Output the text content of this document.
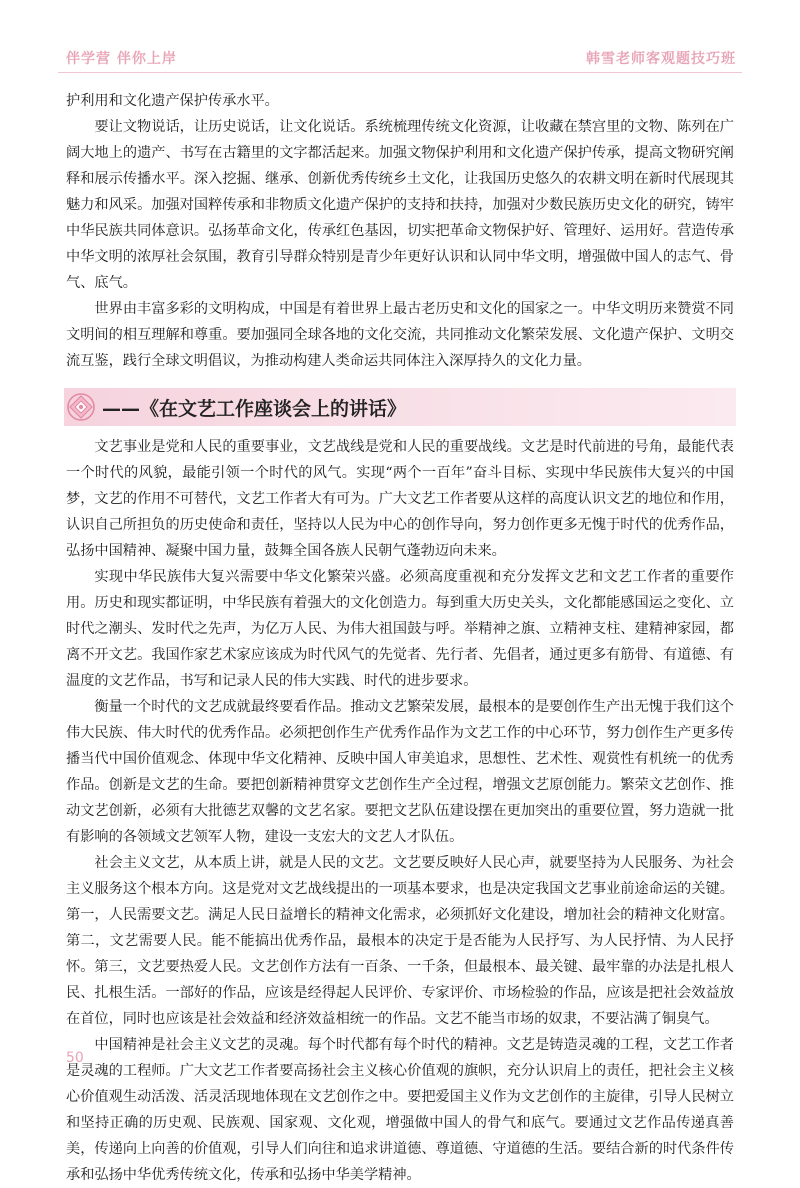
伴学营 伴你上岸	韩雪老师客观题技巧班

护利用和文化遗产保护传承水平。

要让文物说话，让历史说话，让文化说话。系统梳理传统文化资源，让收藏在禁宫里的文物、陈列在广阔大地上的遗产、书写在古籍里的文字都活起来。加强文物保护利用和文化遗产保护传承，提高文物研究阐释和展示传播水平。深入挖掘、继承、创新优秀传统乡土文化，让我国历史悠久的农耕文明在新时代展现其魅力和风采。加强对国粹传承和非物质文化遗产保护的支持和扶持，加强对少数民族历史文化的研究，铸牢中华民族共同体意识。弘扬革命文化，传承红色基因，切实把革命文物保护好、管理好、运用好。营造传承中华文明的浓厚社会氛围，教育引导群众特别是青少年更好认识和认同中华文明，增强做中国人的志气、骨气、底气。

世界由丰富多彩的文明构成，中国是有着世界上最古老历史和文化的国家之一。中华文明历来赞赏不同文明间的相互理解和尊重。要加强同全球各地的文化交流，共同推动文化繁荣发展、文化遗产保护、文明交流互鉴，践行全球文明倡议，为推动构建人类命运共同体注入深厚持久的文化力量。

——《在文艺工作座谈会上的讲话》

文艺事业是党和人民的重要事业，文艺战线是党和人民的重要战线。文艺是时代前进的号角，最能代表一个时代的风貌，最能引领一个时代的风气。实现“两个一百年”奋斗目标、实现中华民族伟大复兴的中国梦，文艺的作用不可替代，文艺工作者大有可为。广大文艺工作者要从这样的高度认识文艺的地位和作用，认识自己所担负的历史使命和责任，坚持以人民为中心的创作导向，努力创作更多无愧于时代的优秀作品，弘扬中国精神、凝聚中国力量，鼓舞全国各族人民朝气蓬勃迈向未来。

实现中华民族伟大复兴需要中华文化繁荣兴盛。必须高度重视和充分发挥文艺和文艺工作者的重要作用。历史和现实都证明，中华民族有着强大的文化创造力。每到重大历史关头，文化都能感国运之变化、立时代之潮头、发时代之先声，为亿万人民、为伟大祖国鼓与呼。举精神之旗、立精神支柱、建精神家园，都离不开文艺。我国作家艺术家应该成为时代风气的先觉者、先行者、先倡者，通过更多有筋骨、有道德、有温度的文艺作品，书写和记录人民的伟大实践、时代的进步要求。

衡量一个时代的文艺成就最终要看作品。推动文艺繁荣发展，最根本的是要创作生产出无愧于我们这个伟大民族、伟大时代的优秀作品。必须把创作生产优秀作品作为文艺工作的中心环节，努力创作生产更多传播当代中国价值观念、体现中华文化精神、反映中国人审美追求，思想性、艺术性、观赏性有机统一的优秀作品。创新是文艺的生命。要把创新精神贯穿文艺创作生产全过程，增强文艺原创能力。繁荣文艺创作、推动文艺创新，必须有大批德艺双馨的文艺名家。要把文艺队伍建设摆在更加突出的重要位置，努力造就一批有影响的各领域文艺领军人物，建设一支宏大的文艺人才队伍。

社会主义文艺，从本质上讲，就是人民的文艺。文艺要反映好人民心声，就要坚持为人民服务、为社会主义服务这个根本方向。这是党对文艺战线提出的一项基本要求，也是决定我国文艺事业前途命运的关键。第一，人民需要文艺。满足人民日益增长的精神文化需求，必须抓好文化建设，增加社会的精神文化财富。第二，文艺需要人民。能不能搞出优秀作品，最根本的决定于是否能为人民抒写、为人民抒情、为人民抒怀。第三，文艺要热爱人民。文艺创作方法有一百条、一千条，但最根本、最关键、最牢靠的办法是扎根人民、扎根生活。一部好的作品，应该是经得起人民评价、专家评价、市场检验的作品，应该是把社会效益放在首位，同时也应该是社会效益和经济效益相统一的作品。文艺不能当市场的奴隶，不要沾满了铜臭气。

中国精神是社会主义文艺的灵魂。每个时代都有每个时代的精神。文艺是铸造灵魂的工程，文艺工作者是灵魂的工程师。广大文艺工作者要高扬社会主义核心价值观的旗帜，充分认识肩上的责任，把社会主义核心价值观生动活泼、活灵活现地体现在文艺创作之中。要把爱国主义作为文艺创作的主旋律，引导人民树立和坚持正确的历史观、民族观、国家观、文化观，增强做中国人的骨气和底气。要通过文艺作品传递真善美，传递向上向善的价值观，引导人们向往和追求讲道德、尊道德、守道德的生活。要结合新的时代条件传承和弘扬中华优秀传统文化，传承和弘扬中华美学精神。

50
